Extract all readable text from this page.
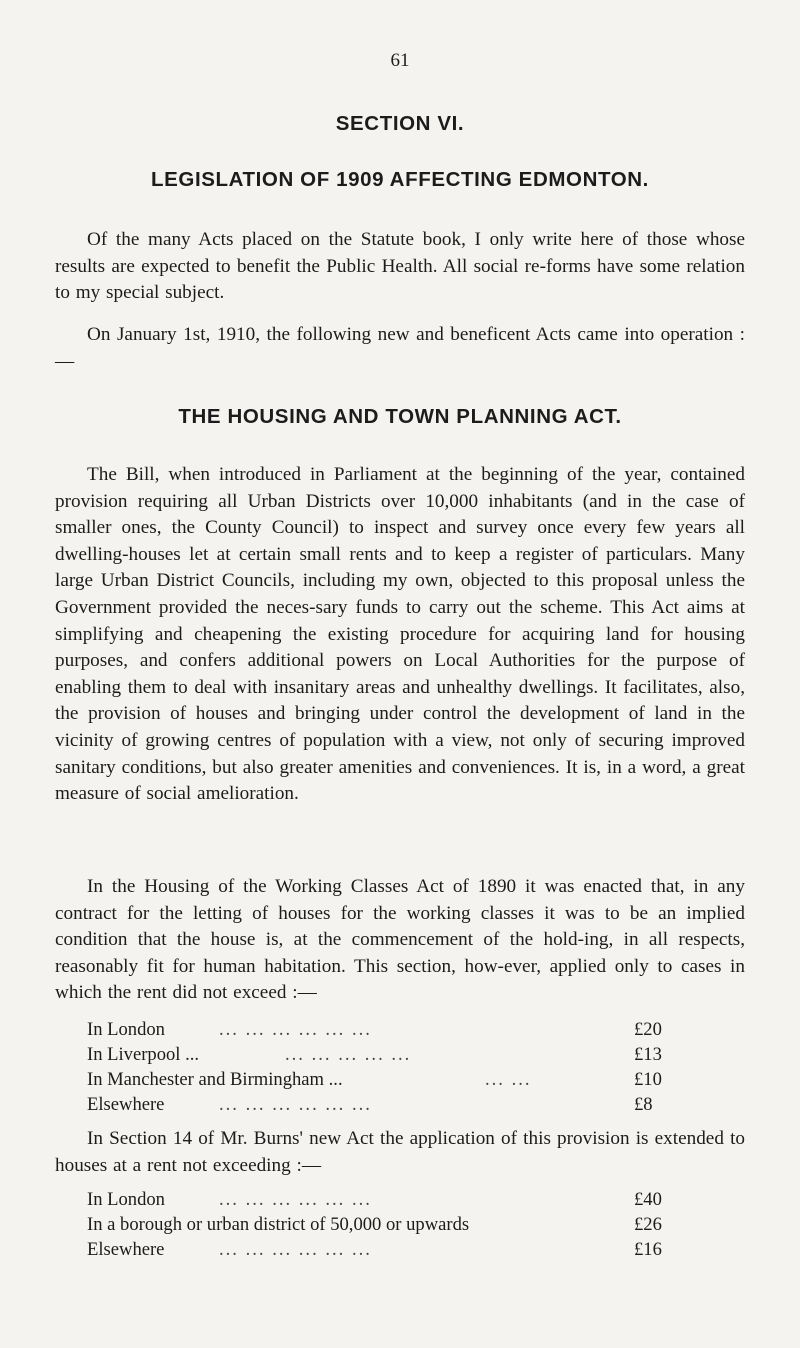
61
SECTION VI.
LEGISLATION OF 1909 AFFECTING EDMONTON.

Of the many Acts placed on the Statute book, I only write here of those whose results are expected to benefit the Public Health. All social re-forms have some relation to my special subject.

On January 1st, 1910, the following new and beneficent Acts came into operation :—

THE HOUSING AND TOWN PLANNING ACT.

The Bill, when introduced in Parliament at the beginning of the year, contained provision requiring all Urban Districts over 10,000 inhabitants (and in the case of smaller ones, the County Council) to inspect and survey once every few years all dwelling-houses let at certain small rents and to keep a register of particulars. Many large Urban District Councils, including my own, objected to this proposal unless the Government provided the neces-sary funds to carry out the scheme. This Act aims at simplifying and cheapening the existing procedure for acquiring land for housing purposes, and confers additional powers on Local Authorities for the purpose of enabling them to deal with insanitary areas and unhealthy dwellings. It facilitates, also, the provision of houses and bringing under control the development of land in the vicinity of growing centres of population with a view, not only of securing improved sanitary conditions, but also greater amenities and conveniences. It is, in a word, a great measure of social amelioration.

In the Housing of the Working Classes Act of 1890 it was enacted that, in any contract for the letting of houses for the working classes it was to be an implied condition that the house is, at the commencement of the hold-ing, in all respects, reasonably fit for human habitation. This section, how-ever, applied only to cases in which the rent did not exceed :—

In London	... ... ... ... ... ...	£20
In Liverpool ...	... ... ... ... ...	£13
In Manchester and Birmingham ...	... ...	£10
Elsewhere	... ... ... ... ... ...	£8

In Section 14 of Mr. Burns' new Act the application of this provision is extended to houses at a rent not exceeding :—

In London	... ... ... ... ... ...	£40
In a borough or urban district of 50,000 or upwards	£26
Elsewhere	... ... ... ... ... ...	£16
